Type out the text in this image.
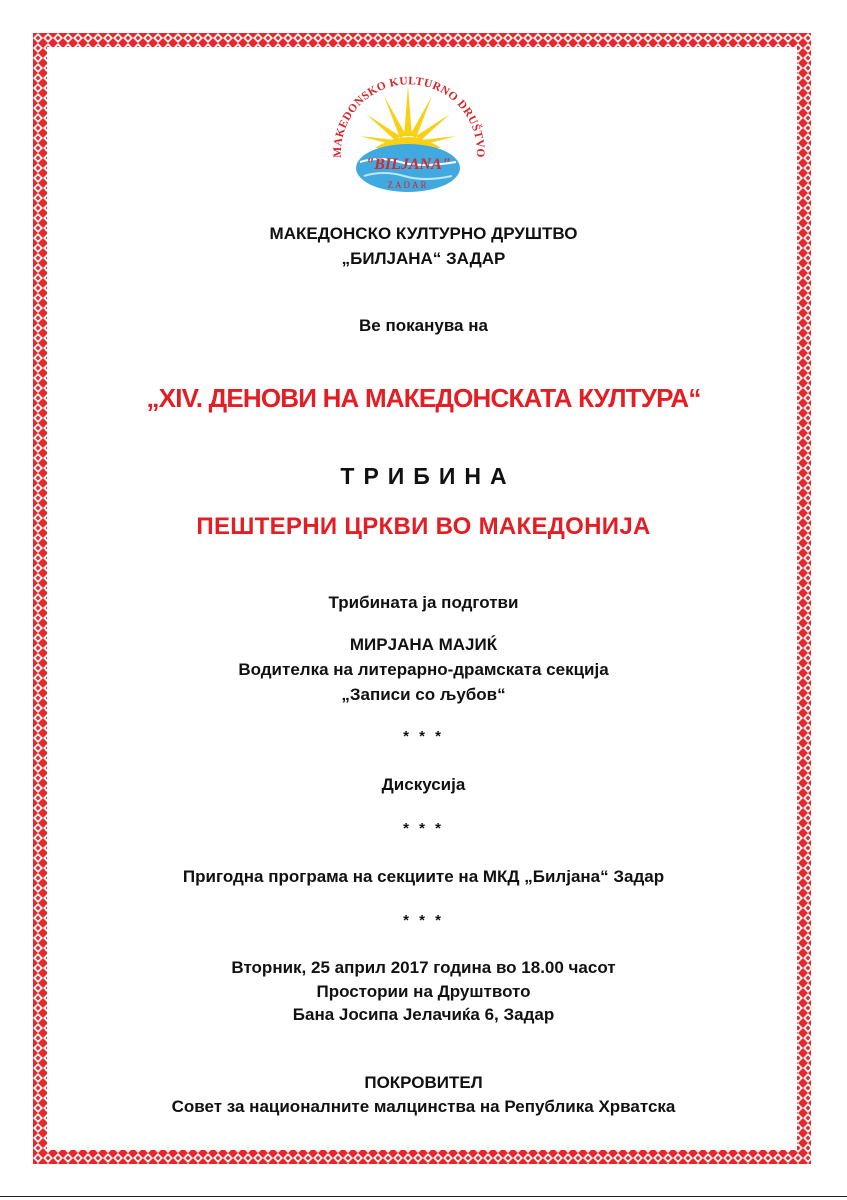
MAKEDONSKO KULTURNO DRUŠTVO
"BILJANA"
ZADAR
МАКЕДОНСКО КУЛТУРНО ДРУШТВО
„БИЛЈАНА“ ЗАДАР
Ве поканува на
„XIV. ДЕНОВИ НА МАКЕДОНСКАТА КУЛТУРА“
ТРИБИНА
ПЕШТЕРНИ ЦРКВИ ВО МАКЕДОНИЈА
Трибината ја подготви
МИРЈАНА МАЈИЌ
Водителка на литерарно-драмската секција
„Записи со љубов“
* * *
Дискусија
* * *
Пригодна програма на секциите на МКД „Билјана“ Задар
* * *
Вторник, 25 април 2017 година во 18.00 часот
Простории на Друштвото
Бана Јосипа Јелачиќа 6, Задар
ПОКРОВИТЕЛ
Совет за националните малцинства на Република Хрватска
